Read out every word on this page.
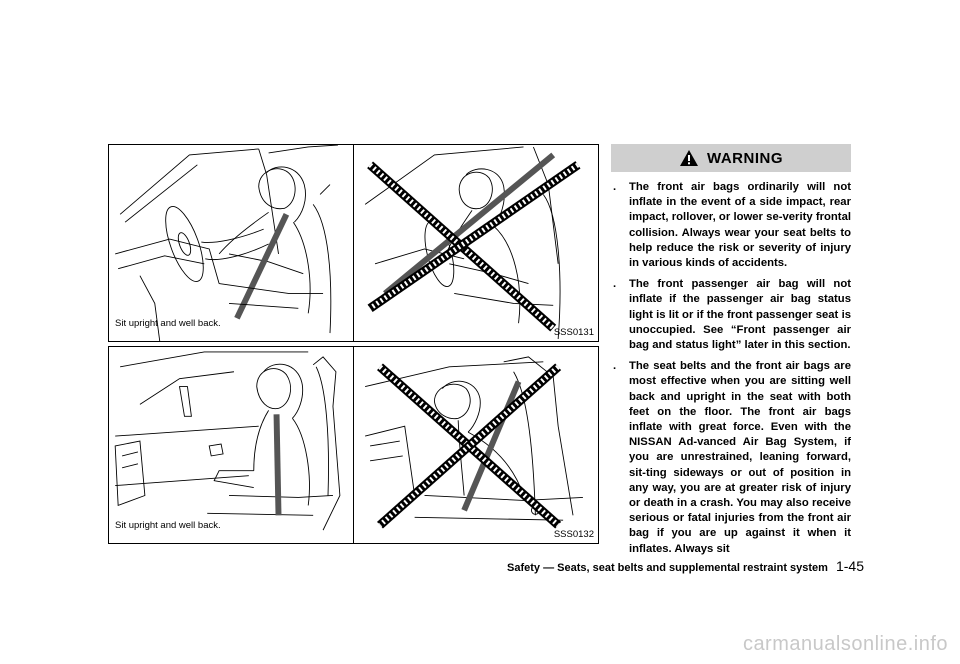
Sit upright and well back.
SSS0131
Sit upright and well back.
SSS0132
WARNING
. The front air bags ordinarily will not inflate in the event of a side impact, rear impact, rollover, or lower se-verity frontal collision. Always wear your seat belts to help reduce the risk or severity of injury in various kinds of accidents.
. The front passenger air bag will not inflate if the passenger air bag status light is lit or if the front passenger seat is unoccupied. See “Front passenger air bag and status light” later in this section.
. The seat belts and the front air bags are most effective when you are sitting well back and upright in the seat with both feet on the floor. The front air bags inflate with great force. Even with the NISSAN Ad-vanced Air Bag System, if you are unrestrained, leaning forward, sit-ting sideways or out of position in any way, you are at greater risk of injury or death in a crash. You may also receive serious or fatal injuries from the front air bag if you are up against it when it inflates. Always sit
Safety — Seats, seat belts and supplemental restraint system 1-45
carmanualsonline.info
